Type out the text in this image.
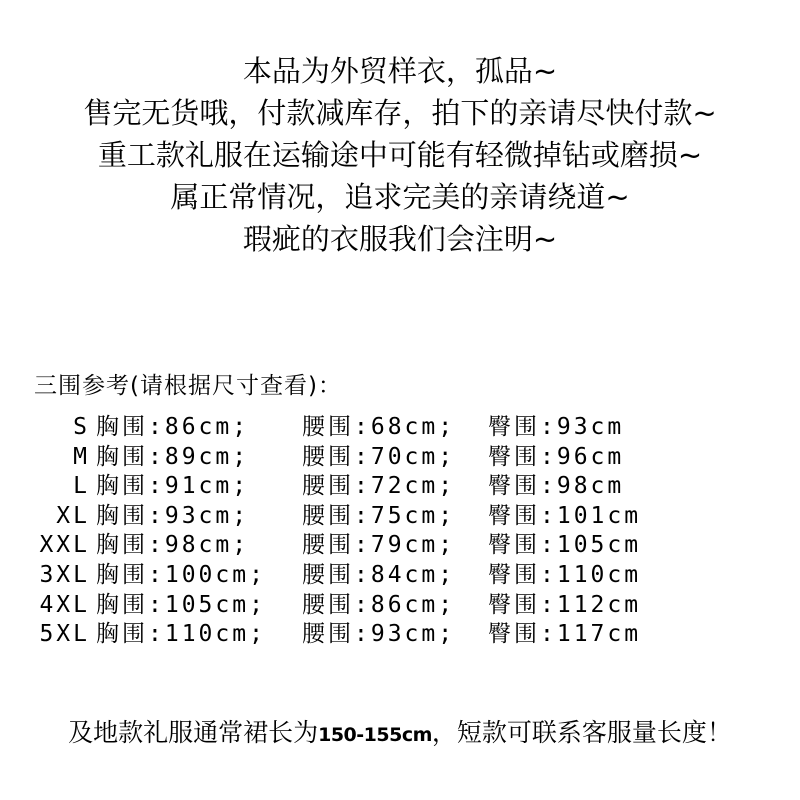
本品为外贸样衣，孤品~
售完无货哦，付款减库存，拍下的亲请尽快付款~
重工款礼服在运输途中可能有轻微掉钻或磨损~
属正常情况，追求完美的亲请绕道~
瑕疵的衣服我们会注明~
三围参考(请根据尺寸查看)：

S

胸围:86cm;

腰围:68cm;

臀围:93cm

M

胸围:89cm;

腰围:70cm;

臀围:96cm

L

胸围:91cm;

腰围:72cm;

臀围:98cm

XL

胸围:93cm;

腰围:75cm;

臀围:101cm

XXL

胸围:98cm;

腰围:79cm;

臀围:105cm

3XL

胸围:100cm;

腰围:84cm;

臀围:110cm

4XL

胸围:105cm;

腰围:86cm;

臀围:112cm

5XL

胸围:110cm;

腰围:93cm;

臀围:117cm

及地款礼服通常裙长为150-155cm，短款可联系客服量长度！
